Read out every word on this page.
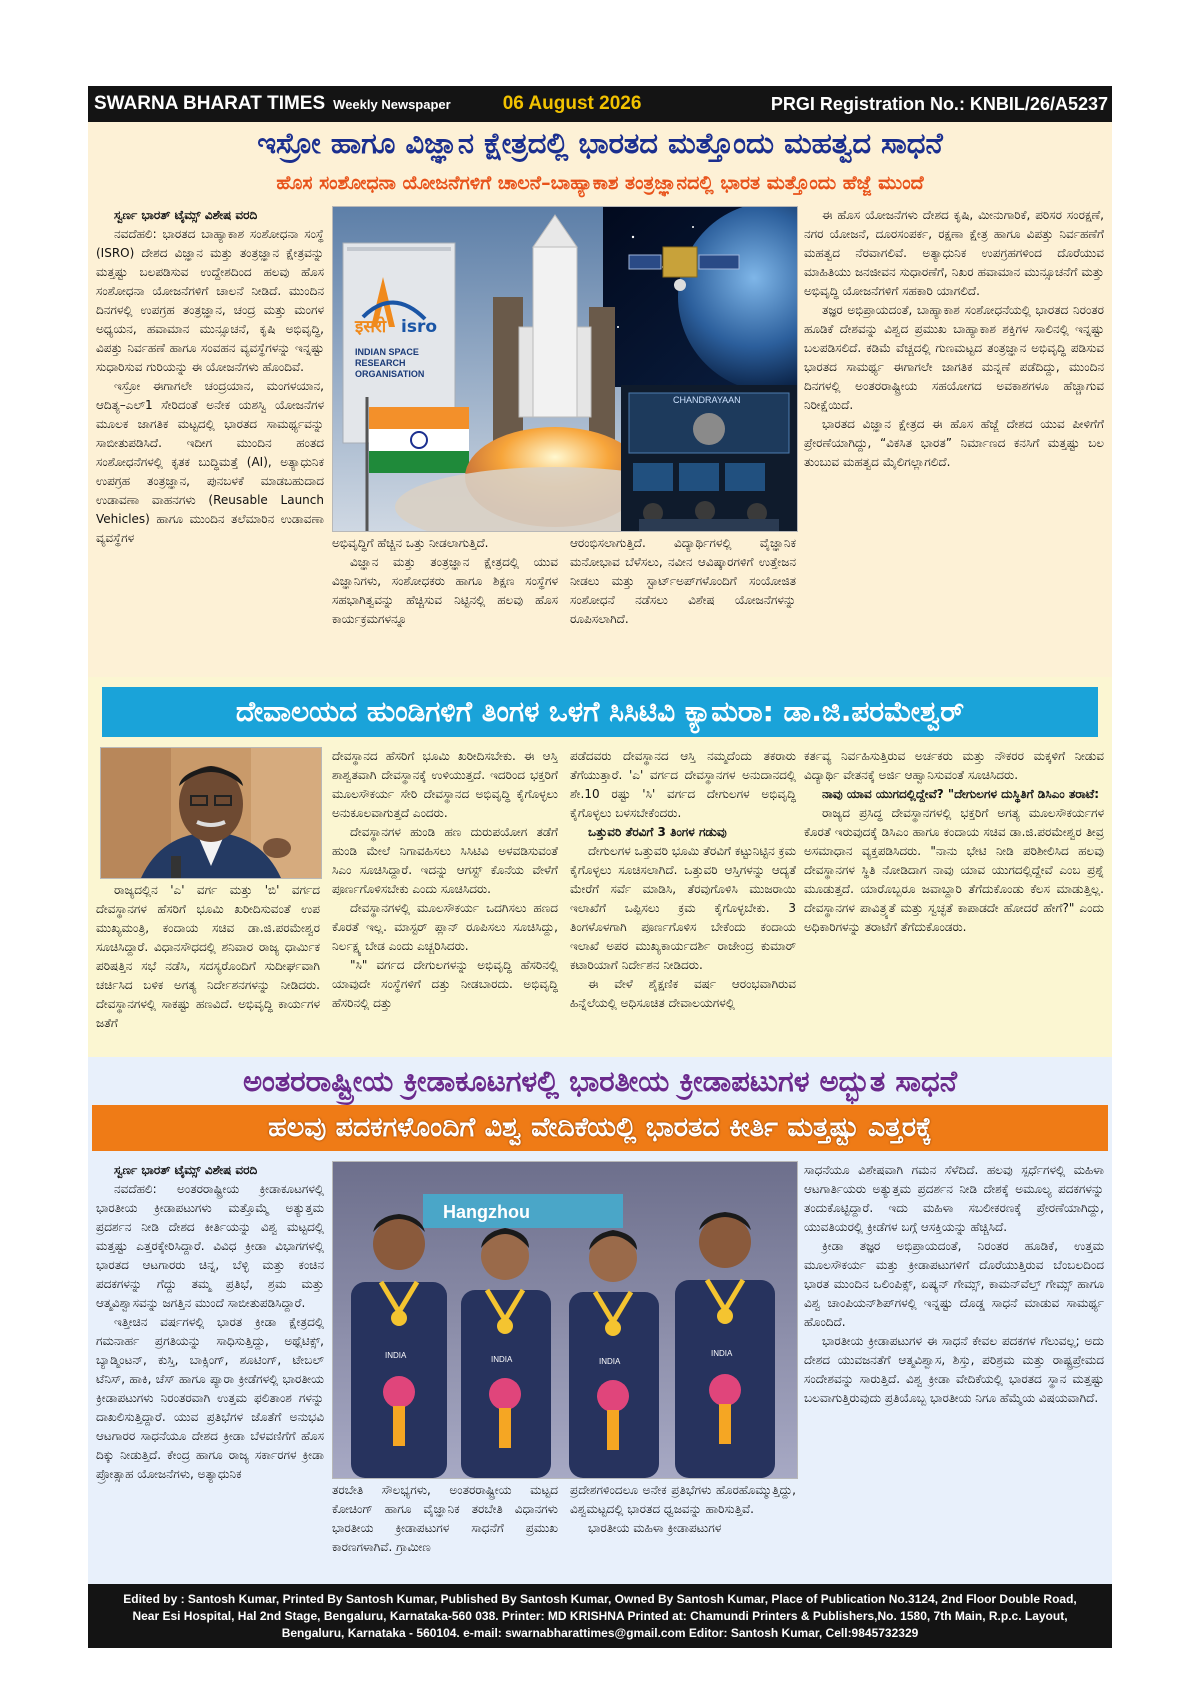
SWARNA BHARAT TIMES Weekly Newspaper	06 August 2026	PRGI Registration No.: KNBIL/26/A5237
ಇಸ್ರೋ ಹಾಗೂ ವಿಜ್ಞಾನ ಕ್ಷೇತ್ರದಲ್ಲಿ ಭಾರತದ ಮತ್ತೊಂದು ಮಹತ್ವದ ಸಾಧನೆ
ಹೊಸ ಸಂಶೋಧನಾ ಯೋಜನೆಗಳಿಗೆ ಚಾಲನೆ–ಬಾಹ್ಯಾಕಾಶ ತಂತ್ರಜ್ಞಾನದಲ್ಲಿ ಭಾರತ ಮತ್ತೊಂದು ಹೆಜ್ಜೆ ಮುಂದೆ

ಸ್ವರ್ಣ ಭಾರತ್ ಟೈಮ್ಸ್ ವಿಶೇಷ ವರದಿ

ನವದೆಹಲಿ: ಭಾರತದ ಬಾಹ್ಯಾಕಾಶ ಸಂಶೋಧನಾ ಸಂಸ್ಥೆ (ISRO) ದೇಶದ ವಿಜ್ಞಾನ ಮತ್ತು ತಂತ್ರಜ್ಞಾನ ಕ್ಷೇತ್ರವನ್ನು ಮತ್ತಷ್ಟು ಬಲಪಡಿಸುವ ಉದ್ದೇಶದಿಂದ ಹಲವು ಹೊಸ ಸಂಶೋಧನಾ ಯೋಜನೆಗಳಿಗೆ ಚಾಲನೆ ನೀಡಿದೆ. ಮುಂದಿನ ದಿನಗಳಲ್ಲಿ ಉಪಗ್ರಹ ತಂತ್ರಜ್ಞಾನ, ಚಂದ್ರ ಮತ್ತು ಮಂಗಳ ಅಧ್ಯಯನ, ಹವಾಮಾನ ಮುನ್ಸೂಚನೆ, ಕೃಷಿ ಅಭಿವೃದ್ಧಿ, ವಿಪತ್ತು ನಿರ್ವಹಣೆ ಹಾಗೂ ಸಂವಹನ ವ್ಯವಸ್ಥೆಗಳನ್ನು ಇನ್ನಷ್ಟು ಸುಧಾರಿಸುವ ಗುರಿಯನ್ನು ಈ ಯೋಜನೆಗಳು ಹೊಂದಿವೆ.

ಇಸ್ರೋ ಈಗಾಗಲೇ ಚಂದ್ರಯಾನ, ಮಂಗಳಯಾನ, ಆದಿತ್ಯ–ಎಲ್1 ಸೇರಿದಂತೆ ಅನೇಕ ಯಶಸ್ವಿ ಯೋಜನೆಗಳ ಮೂಲಕ ಜಾಗತಿಕ ಮಟ್ಟದಲ್ಲಿ ಭಾರತದ ಸಾಮರ್ಥ್ಯವನ್ನು ಸಾಬೀತುಪಡಿಸಿದೆ. ಇದೀಗ ಮುಂದಿನ ಹಂತದ ಸಂಶೋಧನೆಗಳಲ್ಲಿ ಕೃತಕ ಬುದ್ಧಿಮತ್ತೆ (AI), ಅತ್ಯಾಧುನಿಕ ಉಪಗ್ರಹ ತಂತ್ರಜ್ಞಾನ, ಪುನಬಳಕೆ ಮಾಡಬಹುದಾದ ಉಡಾವಣಾ ವಾಹನಗಳು (Reusable Launch Vehicles) ಹಾಗೂ ಮುಂದಿನ ತಲೆಮಾರಿನ ಉಡಾವಣಾ ವ್ಯವಸ್ಥೆಗಳ

इसरो isro
INDIAN SPACE RESEARCH ORGANISATION
CHANDRAYAAN

ಅಭಿವೃದ್ಧಿಗೆ ಹೆಚ್ಚಿನ ಒತ್ತು ನೀಡಲಾಗುತ್ತಿದೆ.

ವಿಜ್ಞಾನ ಮತ್ತು ತಂತ್ರಜ್ಞಾನ ಕ್ಷೇತ್ರದಲ್ಲಿ ಯುವ ವಿಜ್ಞಾನಿಗಳು, ಸಂಶೋಧಕರು ಹಾಗೂ ಶಿಕ್ಷಣ ಸಂಸ್ಥೆಗಳ ಸಹಭಾಗಿತ್ವವನ್ನು ಹೆಚ್ಚಿಸುವ ನಿಟ್ಟಿನಲ್ಲಿ ಹಲವು ಹೊಸ ಕಾರ್ಯಕ್ರಮಗಳನ್ನೂ

ಆರಂಭಿಸಲಾಗುತ್ತಿದೆ. ವಿದ್ಯಾರ್ಥಿಗಳಲ್ಲಿ ವೈಜ್ಞಾನಿಕ ಮನೋಭಾವ ಬೆಳೆಸಲು, ನವೀನ ಆವಿಷ್ಕಾರಗಳಿಗೆ ಉತ್ತೇಜನ ನೀಡಲು ಮತ್ತು ಸ್ಟಾರ್ಟ್‌ಅಪ್‌ಗಳೊಂದಿಗೆ ಸಂಯೋಜಿತ ಸಂಶೋಧನೆ ನಡೆಸಲು ವಿಶೇಷ ಯೋಜನೆಗಳನ್ನು ರೂಪಿಸಲಾಗಿದೆ.

ಈ ಹೊಸ ಯೋಜನೆಗಳು ದೇಶದ ಕೃಷಿ, ಮೀನುಗಾರಿಕೆ, ಪರಿಸರ ಸಂರಕ್ಷಣೆ, ನಗರ ಯೋಜನೆ, ದೂರಸಂಪರ್ಕ, ರಕ್ಷಣಾ ಕ್ಷೇತ್ರ ಹಾಗೂ ವಿಪತ್ತು ನಿರ್ವಹಣೆಗೆ ಮಹತ್ವದ ನೆರವಾಗಲಿವೆ. ಅತ್ಯಾಧುನಿಕ ಉಪಗ್ರಹಗಳಿಂದ ದೊರೆಯುವ ಮಾಹಿತಿಯು ಜನಜೀವನ ಸುಧಾರಣೆಗೆ, ನಿಖರ ಹವಾಮಾನ ಮುನ್ಸೂಚನೆಗೆ ಮತ್ತು ಅಭಿವೃದ್ಧಿ ಯೋಜನೆಗಳಿಗೆ ಸಹಕಾರಿ ಯಾಗಲಿದೆ.

ತಜ್ಞರ ಅಭಿಪ್ರಾಯದಂತೆ, ಬಾಹ್ಯಾಕಾಶ ಸಂಶೋಧನೆಯಲ್ಲಿ ಭಾರತದ ನಿರಂತರ ಹೂಡಿಕೆ ದೇಶವನ್ನು ವಿಶ್ವದ ಪ್ರಮುಖ ಬಾಹ್ಯಾಕಾಶ ಶಕ್ತಿಗಳ ಸಾಲಿನಲ್ಲಿ ಇನ್ನಷ್ಟು ಬಲಪಡಿಸಲಿದೆ. ಕಡಿಮೆ ವೆಚ್ಚದಲ್ಲಿ ಗುಣಮಟ್ಟದ ತಂತ್ರಜ್ಞಾನ ಅಭಿವೃದ್ಧಿ ಪಡಿಸುವ ಭಾರತದ ಸಾಮರ್ಥ್ಯ ಈಗಾಗಲೇ ಜಾಗತಿಕ ಮನ್ನಣೆ ಪಡೆದಿದ್ದು, ಮುಂದಿನ ದಿನಗಳಲ್ಲಿ ಅಂತರರಾಷ್ಟ್ರೀಯ ಸಹಯೋಗದ ಅವಕಾಶಗಳೂ ಹೆಚ್ಚಾಗುವ ನಿರೀಕ್ಷೆಯಿದೆ.

ಭಾರತದ ವಿಜ್ಞಾನ ಕ್ಷೇತ್ರದ ಈ ಹೊಸ ಹೆಜ್ಜೆ ದೇಶದ ಯುವ ಪೀಳಿಗೆಗೆ ಪ್ರೇರಣೆಯಾಗಿದ್ದು, “ವಿಕಸಿತ ಭಾರತ” ನಿರ್ಮಾಣದ ಕನಸಿಗೆ ಮತ್ತಷ್ಟು ಬಲ ತುಂಬುವ ಮಹತ್ವದ ಮೈಲಿಗಲ್ಲಾಗಲಿದೆ.

ದೇವಾಲಯದ ಹುಂಡಿಗಳಿಗೆ ತಿಂಗಳ ಒಳಗೆ ಸಿಸಿಟಿವಿ ಕ್ಯಾಮರಾ: ಡಾ.ಜಿ.ಪರಮೇಶ್ವರ್

ರಾಜ್ಯದಲ್ಲಿನ 'ಎ' ವರ್ಗ ಮತ್ತು 'ಬಿ' ವರ್ಗದ ದೇವಸ್ಥಾನಗಳ ಹೆಸರಿಗೆ ಭೂಮಿ ಖರೀದಿಸುವಂತೆ ಉಪ ಮುಖ್ಯಮಂತ್ರಿ, ಕಂದಾಯ ಸಚಿವ ಡಾ.ಜಿ.ಪರಮೇಶ್ವರ ಸೂಚಿಸಿದ್ದಾರೆ. ವಿಧಾನಸೌಧದಲ್ಲಿ ಶನಿವಾರ ರಾಜ್ಯ ಧಾರ್ಮಿಕ ಪರಿಷತ್ತಿನ ಸಭೆ ನಡೆಸಿ, ಸದಸ್ಯರೊಂದಿಗೆ ಸುದೀರ್ಘವಾಗಿ ಚರ್ಚಿಸಿದ ಬಳಿಕ ಅಗತ್ಯ ನಿರ್ದೇಶನಗಳನ್ನು ನೀಡಿದರು. ದೇವಸ್ಥಾನಗಳಲ್ಲಿ ಸಾಕಷ್ಟು ಹಣವಿದೆ. ಅಭಿವೃದ್ಧಿ ಕಾರ್ಯಗಳ ಜತೆಗೆ

ದೇವಸ್ಥಾನದ ಹೆಸರಿಗೆ ಭೂಮಿ ಖರೀದಿಸಬೇಕು. ಈ ಆಸ್ತಿ ಶಾಶ್ವತವಾಗಿ ದೇವಸ್ಥಾನಕ್ಕೆ ಉಳಿಯುತ್ತದೆ. ಇದರಿಂದ ಭಕ್ತರಿಗೆ ಮೂಲಸೌಕರ್ಯ ಸೇರಿ ದೇವಸ್ಥಾನದ ಅಭಿವೃದ್ಧಿ ಕೈಗೊಳ್ಳಲು ಅನುಕೂಲವಾಗುತ್ತದೆ ಎಂದರು.

ದೇವಸ್ಥಾನಗಳ ಹುಂಡಿ ಹಣ ದುರುಪಯೋಗ ತಡೆಗೆ ಹುಂಡಿ ಮೇಲೆ ನಿಗಾವಹಿಸಲು ಸಿಸಿಟಿವಿ ಅಳವಡಿಸುವಂತೆ ಸಿಎಂ ಸೂಚಿಸಿದ್ದಾರೆ. ಇದನ್ನು ಆಗಸ್ಟ್ ಕೊನೆಯ ವೇಳೆಗೆ ಪೂರ್ಣಗೊಳಿಸಬೇಕು ಎಂದು ಸೂಚಿಸಿದರು.

ದೇವಸ್ಥಾನಗಳಲ್ಲಿ ಮೂಲಸೌಕರ್ಯ ಒದಗಿಸಲು ಹಣದ ಕೊರತೆ ಇಲ್ಲ. ಮಾಸ್ಟರ್ ಪ್ಲಾನ್ ರೂಪಿಸಲು ಸೂಚಿಸಿದ್ದು, ನಿರ್ಲಕ್ಷ್ಯ ಬೇಡ ಎಂದು ಎಚ್ಚರಿಸಿದರು.

"ಸಿ" ವರ್ಗದ ದೇಗುಲಗಳನ್ನು ಅಭಿವೃದ್ಧಿ ಹೆಸರಿನಲ್ಲಿ ಯಾವುದೇ ಸಂಸ್ಥೆಗಳಿಗೆ ದತ್ತು ನೀಡಬಾರದು. ಅಭಿವೃದ್ಧಿ ಹೆಸರಿನಲ್ಲಿ ದತ್ತು

ಪಡೆದವರು ದೇವಸ್ಥಾನದ ಆಸ್ತಿ ನಮ್ಮದೆಂದು ತಕರಾರು ತೆಗೆಯುತ್ತಾರೆ. 'ಎ' ವರ್ಗದ ದೇವಸ್ಥಾನಗಳ ಅನುದಾನದಲ್ಲಿ ಶೇ.10 ರಷ್ಟು 'ಸಿ' ವರ್ಗದ ದೇಗುಲಗಳ ಅಭಿವೃದ್ಧಿ ಕೈಗೊಳ್ಳಲು ಬಳಸಬೇಕೆಂದರು.

ಒತ್ತುವರಿ ತೆರವಿಗೆ 3 ತಿಂಗಳ ಗಡುವು

ದೇಗುಲಗಳ ಒತ್ತುವರಿ ಭೂಮಿ ತೆರವಿಗೆ ಕಟ್ಟುನಿಟ್ಟಿನ ಕ್ರಮ ಕೈಗೊಳ್ಳಲು ಸೂಚಿಸಲಾಗಿದೆ. ಒತ್ತುವರಿ ಆಸ್ತಿಗಳನ್ನು ಆದ್ಯತೆ ಮೇರೆಗೆ ಸರ್ವೆ ಮಾಡಿಸಿ, ತೆರವುಗೊಳಿಸಿ ಮುಜರಾಯಿ ಇಲಾಖೆಗೆ ಒಪ್ಪಿಸಲು ಕ್ರಮ ಕೈಗೊಳ್ಳಬೇಕು. 3 ತಿಂಗಳೊಳಗಾಗಿ ಪೂರ್ಣಗೊಳಿಸ ಬೇಕೆಂದು ಕಂದಾಯ ಇಲಾಖೆ ಅಪರ ಮುಖ್ಯಕಾರ್ಯದರ್ಶಿ ರಾಜೇಂದ್ರ ಕುಮಾರ್ ಕಟಾರಿಯಾಗೆ ನಿರ್ದೇಶನ ನೀಡಿದರು.

ಈ ವೇಳೆ ಶೈಕ್ಷಣಿಕ ವರ್ಷ ಆರಂಭವಾಗಿರುವ ಹಿನ್ನೆಲೆಯಲ್ಲಿ ಅಧಿಸೂಚಿತ ದೇವಾಲಯಗಳಲ್ಲಿ

ಕರ್ತವ್ಯ ನಿರ್ವಹಿಸುತ್ತಿರುವ ಅರ್ಚಕರು ಮತ್ತು ನೌಕರರ ಮಕ್ಕಳಿಗೆ ನೀಡುವ ವಿದ್ಯಾರ್ಥಿ ವೇತನಕ್ಕೆ ಅರ್ಜಿ ಆಹ್ವಾನಿಸುವಂತೆ ಸೂಚಿಸಿದರು.

ನಾವು ಯಾವ ಯುಗದಲ್ಲಿದ್ದೇವೆ? "ದೇಗುಲಗಳ ದುಸ್ಥಿತಿಗೆ ಡಿಸಿಎಂ ತರಾಟೆ:

ರಾಜ್ಯದ ಪ್ರಸಿದ್ಧ ದೇವಸ್ಥಾನಗಳಲ್ಲಿ ಭಕ್ತರಿಗೆ ಅಗತ್ಯ ಮೂಲಸೌಕರ್ಯಗಳ ಕೊರತೆ ಇರುವುದಕ್ಕೆ ಡಿಸಿಎಂ ಹಾಗೂ ಕಂದಾಯ ಸಚಿವ ಡಾ.ಜಿ.ಪರಮೇಶ್ವರ ತೀವ್ರ ಅಸಮಾಧಾನ ವ್ಯಕ್ತಪಡಿಸಿದರು. "ನಾನು ಭೇಟಿ ನೀಡಿ ಪರಿಶೀಲಿಸಿದ ಹಲವು ದೇವಸ್ಥಾನಗಳ ಸ್ಥಿತಿ ನೋಡಿದಾಗ ನಾವು ಯಾವ ಯುಗದಲ್ಲಿದ್ದೇವೆ ಎಂಬ ಪ್ರಶ್ನೆ ಮೂಡುತ್ತದೆ. ಯಾರೊಬ್ಬರೂ ಜವಾಬ್ದಾರಿ ತೆಗೆದುಕೊಂಡು ಕೆಲಸ ಮಾಡುತ್ತಿಲ್ಲ. ದೇವಸ್ಥಾನಗಳ ಪಾವಿತ್ರ್ಯತೆ ಮತ್ತು ಸ್ವಚ್ಛತೆ ಕಾಪಾಡದೇ ಹೋದರೆ ಹೇಗೆ?" ಎಂದು ಅಧಿಕಾರಿಗಳನ್ನು ತರಾಟೆಗೆ ತೆಗೆದುಕೊಂಡರು.

ಅಂತರರಾಷ್ಟ್ರೀಯ ಕ್ರೀಡಾಕೂಟಗಳಲ್ಲಿ ಭಾರತೀಯ ಕ್ರೀಡಾಪಟುಗಳ ಅದ್ಭುತ ಸಾಧನೆ
ಹಲವು ಪದಕಗಳೊಂದಿಗೆ ವಿಶ್ವ ವೇದಿಕೆಯಲ್ಲಿ ಭಾರತದ ಕೀರ್ತಿ ಮತ್ತಷ್ಟು ಎತ್ತರಕ್ಕೆ

ಸ್ವರ್ಣ ಭಾರತ್ ಟೈಮ್ಸ್ ವಿಶೇಷ ವರದಿ

ನವದೆಹಲಿ: ಅಂತರರಾಷ್ಟ್ರೀಯ ಕ್ರೀಡಾಕೂಟಗಳಲ್ಲಿ ಭಾರತೀಯ ಕ್ರೀಡಾಪಟುಗಳು ಮತ್ತೊಮ್ಮೆ ಅತ್ಯುತ್ತಮ ಪ್ರದರ್ಶನ ನೀಡಿ ದೇಶದ ಕೀರ್ತಿಯನ್ನು ವಿಶ್ವ ಮಟ್ಟದಲ್ಲಿ ಮತ್ತಷ್ಟು ಎತ್ತರಕ್ಕೇರಿಸಿದ್ದಾರೆ. ವಿವಿಧ ಕ್ರೀಡಾ ವಿಭಾಗಗಳಲ್ಲಿ ಭಾರತದ ಆಟಗಾರರು ಚಿನ್ನ, ಬೆಳ್ಳಿ ಮತ್ತು ಕಂಚಿನ ಪದಕಗಳನ್ನು ಗೆದ್ದು ತಮ್ಮ ಪ್ರತಿಭೆ, ಶ್ರಮ ಮತ್ತು ಆತ್ಮವಿಶ್ವಾಸವನ್ನು ಜಗತ್ತಿನ ಮುಂದೆ ಸಾಬೀತುಪಡಿಸಿದ್ದಾರೆ.

ಇತ್ತೀಚಿನ ವರ್ಷಗಳಲ್ಲಿ ಭಾರತ ಕ್ರೀಡಾ ಕ್ಷೇತ್ರದಲ್ಲಿ ಗಮನಾರ್ಹ ಪ್ರಗತಿಯನ್ನು ಸಾಧಿಸುತ್ತಿದ್ದು, ಅಥ್ಲೆಟಿಕ್ಸ್, ಬ್ಯಾಡ್ಮಿಂಟನ್, ಕುಸ್ತಿ, ಬಾಕ್ಸಿಂಗ್, ಶೂಟಿಂಗ್, ಟೇಬಲ್ ಟೆನಿಸ್, ಹಾಕಿ, ಚೆಸ್ ಹಾಗೂ ಪ್ಯಾರಾ ಕ್ರೀಡೆಗಳಲ್ಲಿ ಭಾರತೀಯ ಕ್ರೀಡಾಪಟುಗಳು ನಿರಂತರವಾಗಿ ಉತ್ತಮ ಫಲಿತಾಂಶ ಗಳನ್ನು ದಾಖಲಿಸುತ್ತಿದ್ದಾರೆ. ಯುವ ಪ್ರತಿಭೆಗಳ ಜೊತೆಗೆ ಅನುಭವಿ ಆಟಗಾರರ ಸಾಧನೆಯೂ ದೇಶದ ಕ್ರೀಡಾ ಬೆಳವಣಿಗೆಗೆ ಹೊಸ ದಿಕ್ಕು ನೀಡುತ್ತಿದೆ. ಕೇಂದ್ರ ಹಾಗೂ ರಾಜ್ಯ ಸರ್ಕಾರಗಳ ಕ್ರೀಡಾ ಪ್ರೋತ್ಸಾಹ ಯೋಜನೆಗಳು, ಅತ್ಯಾಧುನಿಕ

Hangzhou
INDIA	INDIA	INDIA
INDIA

ತರಬೇತಿ ಸೌಲಭ್ಯಗಳು, ಅಂತರರಾಷ್ಟ್ರೀಯ ಮಟ್ಟದ ಕೋಚಿಂಗ್ ಹಾಗೂ ವೈಜ್ಞಾನಿಕ ತರಬೇತಿ ವಿಧಾನಗಳು ಭಾರತೀಯ ಕ್ರೀಡಾಪಟುಗಳ ಸಾಧನೆಗೆ ಪ್ರಮುಖ ಕಾರಣಗಳಾಗಿವೆ. ಗ್ರಾಮೀಣ

ಪ್ರದೇಶಗಳಿಂದಲೂ ಅನೇಕ ಪ್ರತಿಭೆಗಳು ಹೊರಹೊಮ್ಮುತ್ತಿದ್ದು, ವಿಶ್ವಮಟ್ಟದಲ್ಲಿ ಭಾರತದ ಧ್ವಜವನ್ನು ಹಾರಿಸುತ್ತಿವೆ.

ಭಾರತೀಯ ಮಹಿಳಾ ಕ್ರೀಡಾಪಟುಗಳ

ಸಾಧನೆಯೂ ವಿಶೇಷವಾಗಿ ಗಮನ ಸೆಳೆದಿದೆ. ಹಲವು ಸ್ಪರ್ಧೆಗಳಲ್ಲಿ ಮಹಿಳಾ ಆಟಗಾರ್ತಿಯರು ಅತ್ಯುತ್ತಮ ಪ್ರದರ್ಶನ ನೀಡಿ ದೇಶಕ್ಕೆ ಅಮೂಲ್ಯ ಪದಕಗಳನ್ನು ತಂದುಕೊಟ್ಟಿದ್ದಾರೆ. ಇದು ಮಹಿಳಾ ಸಬಲೀಕರಣಕ್ಕೆ ಪ್ರೇರಣೆಯಾಗಿದ್ದು, ಯುವತಿಯರಲ್ಲಿ ಕ್ರೀಡೆಗಳ ಬಗ್ಗೆ ಆಸಕ್ತಿಯನ್ನು ಹೆಚ್ಚಿಸಿದೆ.

ಕ್ರೀಡಾ ತಜ್ಞರ ಅಭಿಪ್ರಾಯದಂತೆ, ನಿರಂತರ ಹೂಡಿಕೆ, ಉತ್ತಮ ಮೂಲಸೌಕರ್ಯ ಮತ್ತು ಕ್ರೀಡಾಪಟುಗಳಿಗೆ ದೊರೆಯುತ್ತಿರುವ ಬೆಂಬಲದಿಂದ ಭಾರತ ಮುಂದಿನ ಒಲಿಂಪಿಕ್ಸ್, ಏಷ್ಯನ್ ಗೇಮ್ಸ್, ಕಾಮನ್‌ವೆಲ್ತ್ ಗೇಮ್ಸ್ ಹಾಗೂ ವಿಶ್ವ ಚಾಂಪಿಯನ್‌ಶಿಪ್‌ಗಳಲ್ಲಿ ಇನ್ನಷ್ಟು ದೊಡ್ಡ ಸಾಧನೆ ಮಾಡುವ ಸಾಮರ್ಥ್ಯ ಹೊಂದಿದೆ.

ಭಾರತೀಯ ಕ್ರೀಡಾಪಟುಗಳ ಈ ಸಾಧನೆ ಕೇವಲ ಪದಕಗಳ ಗೆಲುವಲ್ಲ; ಅದು ದೇಶದ ಯುವಜನತೆಗೆ ಆತ್ಮವಿಶ್ವಾಸ, ಶಿಸ್ತು, ಪರಿಶ್ರಮ ಮತ್ತು ರಾಷ್ಟ್ರಪ್ರೇಮದ ಸಂದೇಶವನ್ನು ಸಾರುತ್ತಿದೆ. ವಿಶ್ವ ಕ್ರೀಡಾ ವೇದಿಕೆಯಲ್ಲಿ ಭಾರತದ ಸ್ಥಾನ ಮತ್ತಷ್ಟು ಬಲವಾಗುತ್ತಿರುವುದು ಪ್ರತಿಯೊಬ್ಬ ಭಾರತೀಯ ನಿಗೂ ಹೆಮ್ಮೆಯ ವಿಷಯವಾಗಿದೆ.

Edited by : Santosh Kumar, Printed By Santosh Kumar, Published By Santosh Kumar, Owned By Santosh Kumar, Place of Publication No.3124, 2nd Floor Double Road,
Near Esi Hospital, Hal 2nd Stage, Bengaluru, Karnataka-560 038. Printer: MD KRISHNA Printed at: Chamundi Printers & Publishers,No. 1580, 7th Main, R.p.c. Layout,
Bengaluru, Karnataka - 560104. e-mail: swarnabharattimes@gmail.com Editor: Santosh Kumar, Cell:9845732329
